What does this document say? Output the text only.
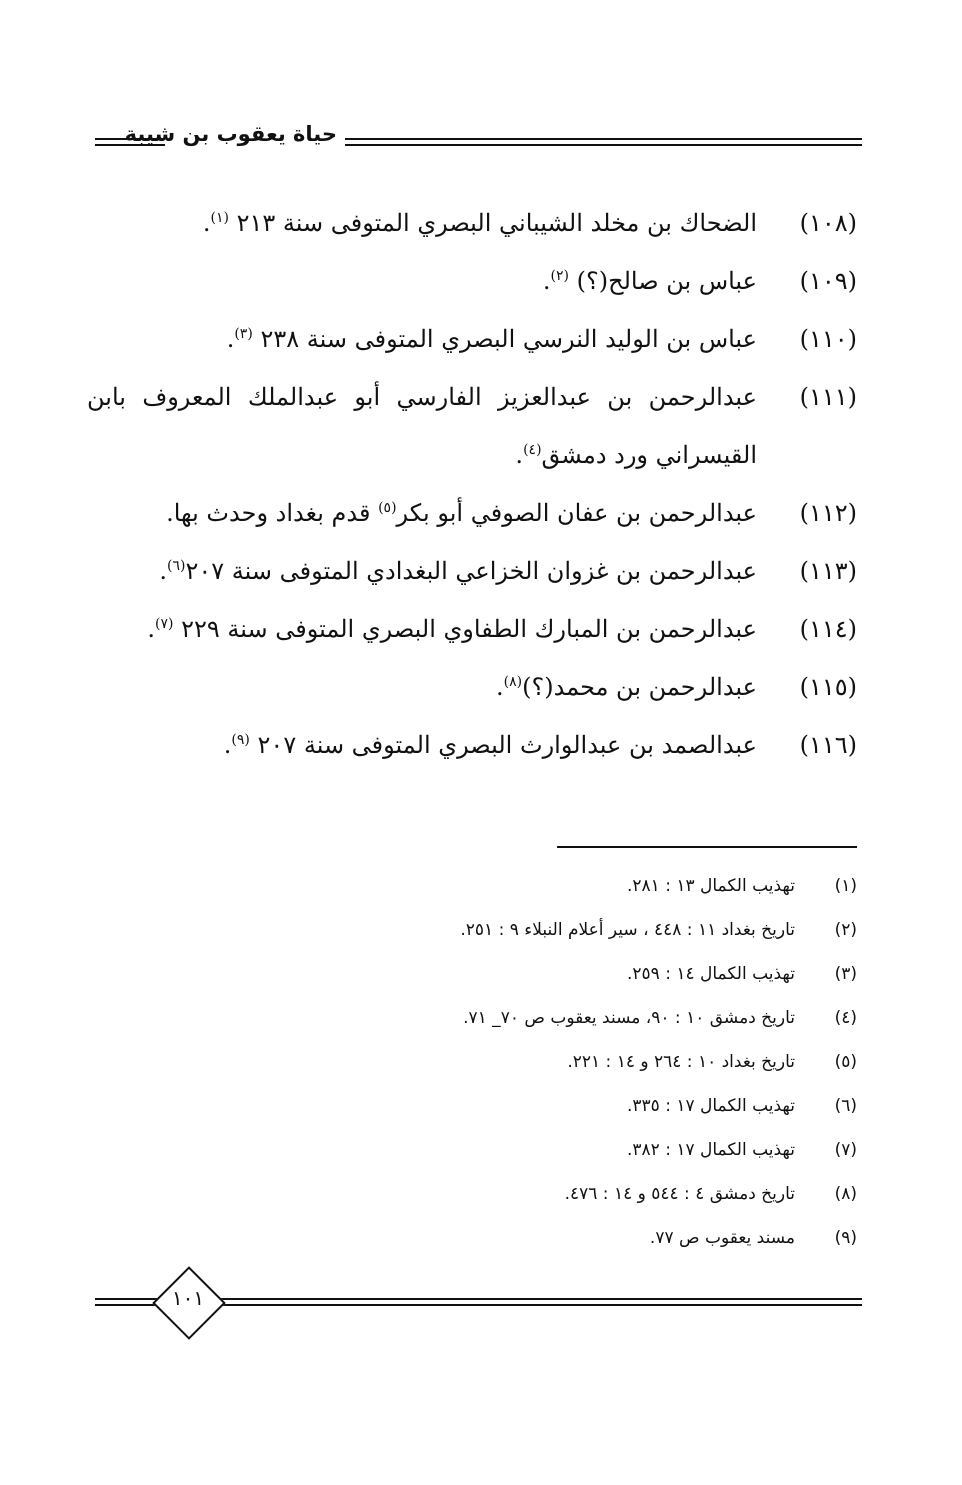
حياة يعقوب بن شيبة
(١٠٨)
الضحاك بن مخلد الشيباني البصري المتوفى سنة ٢١٣ $^{(١)}$.
(١٠٩)
عباس بن صالح(؟) $^{(٢)}$.
(١١٠)
عباس بن الوليد النرسي البصري المتوفى سنة ٢٣٨ $^{(٣)}$.
(١١١)
عبدالرحمن بن عبدالعزيز الفارسي أبو عبدالملك المعروف بابن القيسراني ورد دمشق$^{(٤)}$.
(١١٢)
عبدالرحمن بن عفان الصوفي أبو بكر$^{(٥)}$ قدم بغداد وحدث بها.
(١١٣)
عبدالرحمن بن غزوان الخزاعي البغدادي المتوفى سنة ٢٠٧$^{(٦)}$.
(١١٤)
عبدالرحمن بن المبارك الطفاوي البصري المتوفى سنة ٢٢٩ $^{(٧)}$.
(١١٥)
عبدالرحمن بن محمد(؟)$^{(٨)}$.
(١١٦)
عبدالصمد بن عبدالوارث البصري المتوفى سنة ٢٠٧ $^{(٩)}$.
(١)
تهذيب الكمال ١٣ : ٢٨١.
(٢)
تاريخ بغداد ١١ : ٤٤٨ ، سير أعلام النبلاء ٩ : ٢٥١.
(٣)
تهذيب الكمال ١٤ : ٢٥٩.
(٤)
تاريخ دمشق ١٠ : ٩٠، مسند يعقوب ص ٧٠_ ٧١.
(٥)
تاريخ بغداد ١٠ : ٢٦٤ و ١٤ : ٢٢١.
(٦)
تهذيب الكمال ١٧ : ٣٣٥.
(٧)
تهذيب الكمال ١٧ : ٣٨٢.
(٨)
تاريخ دمشق ٤ : ٥٤٤ و ١٤ : ٤٧٦.
(٩)
مسند يعقوب ص ٧٧.
١٠١
